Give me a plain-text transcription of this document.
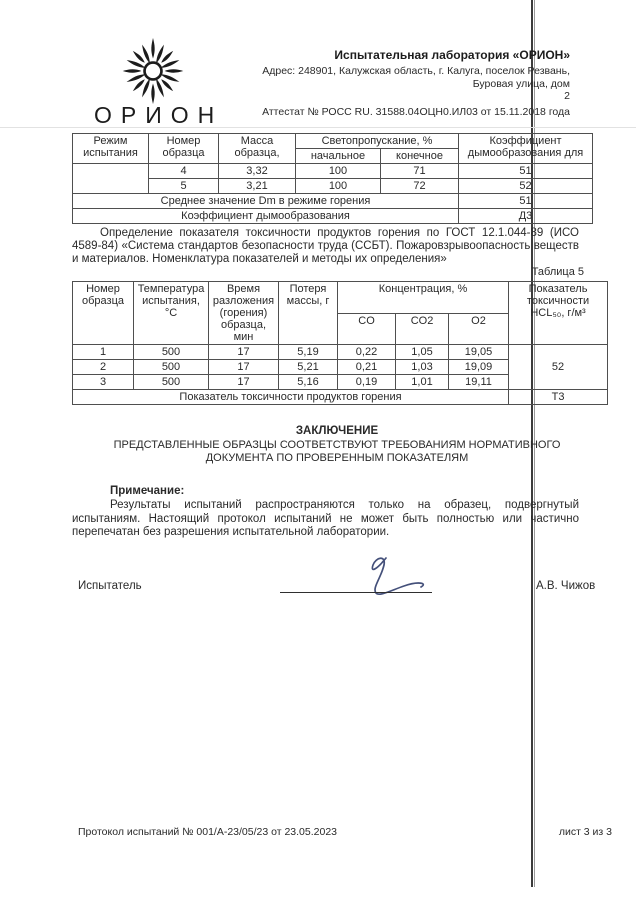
ОРИОН
Испытательная лаборатория «ОРИОН»
Адрес: 248901, Калужская область, г. Калуга, поселок Резвань, Буровая улица, дом
2
Аттестат № РОСС RU. 31588.04ОЦН0.ИЛ03 от 15.11.2018 года
Режим испытания	Номер образца	Масса образца,	Светопропускание, %		Коэффициент дымообразования для
			начальное	конечное	
	4	3,32	100	71	51
	5	3,21	100	72	52
Среднее значение Dm в режиме горения					51
Коэффициент дымообразования					Д3
Определение показателя токсичности продуктов горения по ГОСТ 12.1.044-89 (ИСО 4589-84) «Система стандартов безопасности труда (ССБТ). Пожаровзрывоопасность веществ и материалов. Номенклатура показателей и методы их определения»
Таблица 5
Номер образца	Температура испытания, °С	Время разложения (горения) образца, мин	Потеря массы, г	Концентрация, %			Показатель токсичности HCL₅₀, г/м³
				CO	CO2	O2	
1	500	17	5,19	0,22	1,05	19,05	52
2	500	17	5,21	0,21	1,03	19,09	
3	500	17	5,16	0,19	1,01	19,11	
Показатель токсичности продуктов горения							Т3
ЗАКЛЮЧЕНИЕ
ПРЕДСТАВЛЕННЫЕ ОБРАЗЦЫ СООТВЕТСТВУЮТ ТРЕБОВАНИЯМ НОРМАТИВНОГО ДОКУМЕНТА ПО ПРОВЕРЕННЫМ ПОКАЗАТЕЛЯМ
Примечание:
Результаты испытаний распространяются только на образец, подвергнутый испытаниям. Настоящий протокол испытаний не может быть полностью или частично перепечатан без разрешения испытательной лаборатории.
Испытатель	А.В. Чижов
Протокол испытаний № 001/А-23/05/23 от 23.05.2023	лист 3 из 3
